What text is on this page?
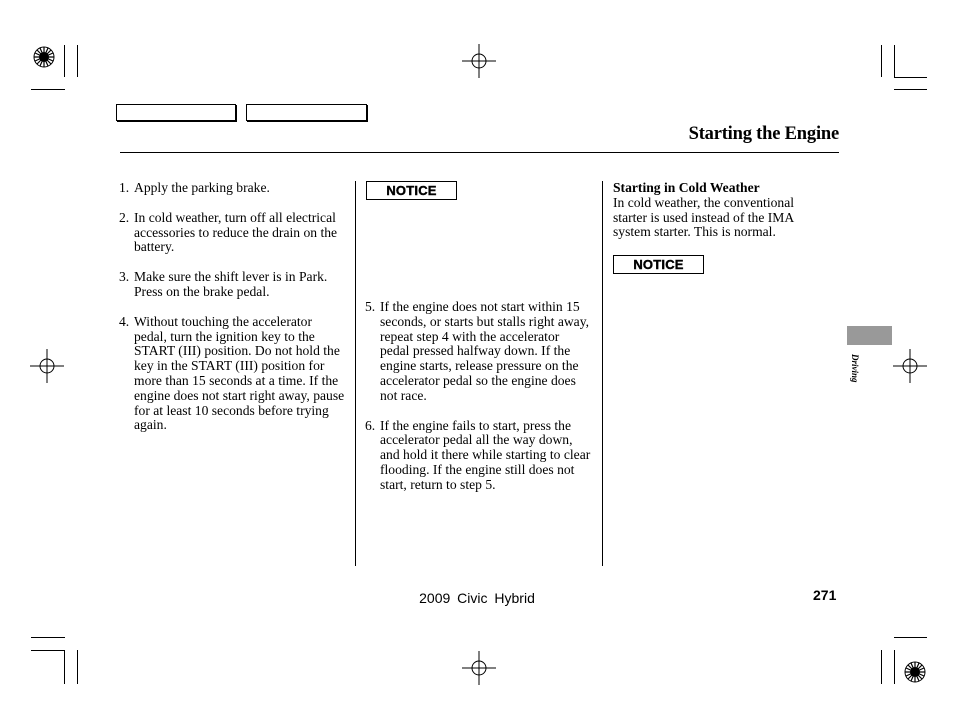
Starting the Engine
1. Apply the parking brake.
2. In cold weather, turn off all electrical accessories to reduce the drain on the battery.
3. Make sure the shift lever is in Park. Press on the brake pedal.
4. Without touching the accelerator pedal, turn the ignition key to the START (III) position. Do not hold the key in the START (III) position for more than 15 seconds at a time. If the engine does not start right away, pause for at least 10 seconds before trying again.
NOTICE
5. If the engine does not start within 15 seconds, or starts but stalls right away, repeat step 4 with the accelerator pedal pressed halfway down. If the engine starts, release pressure on the accelerator pedal so the engine does not race.
6. If the engine fails to start, press the accelerator pedal all the way down, and hold it there while starting to clear flooding. If the engine still does not start, return to step 5.
Starting in Cold Weather
In cold weather, the conventional starter is used instead of the IMA system starter. This is normal.
NOTICE
Driving
2009 Civic Hybrid	271
